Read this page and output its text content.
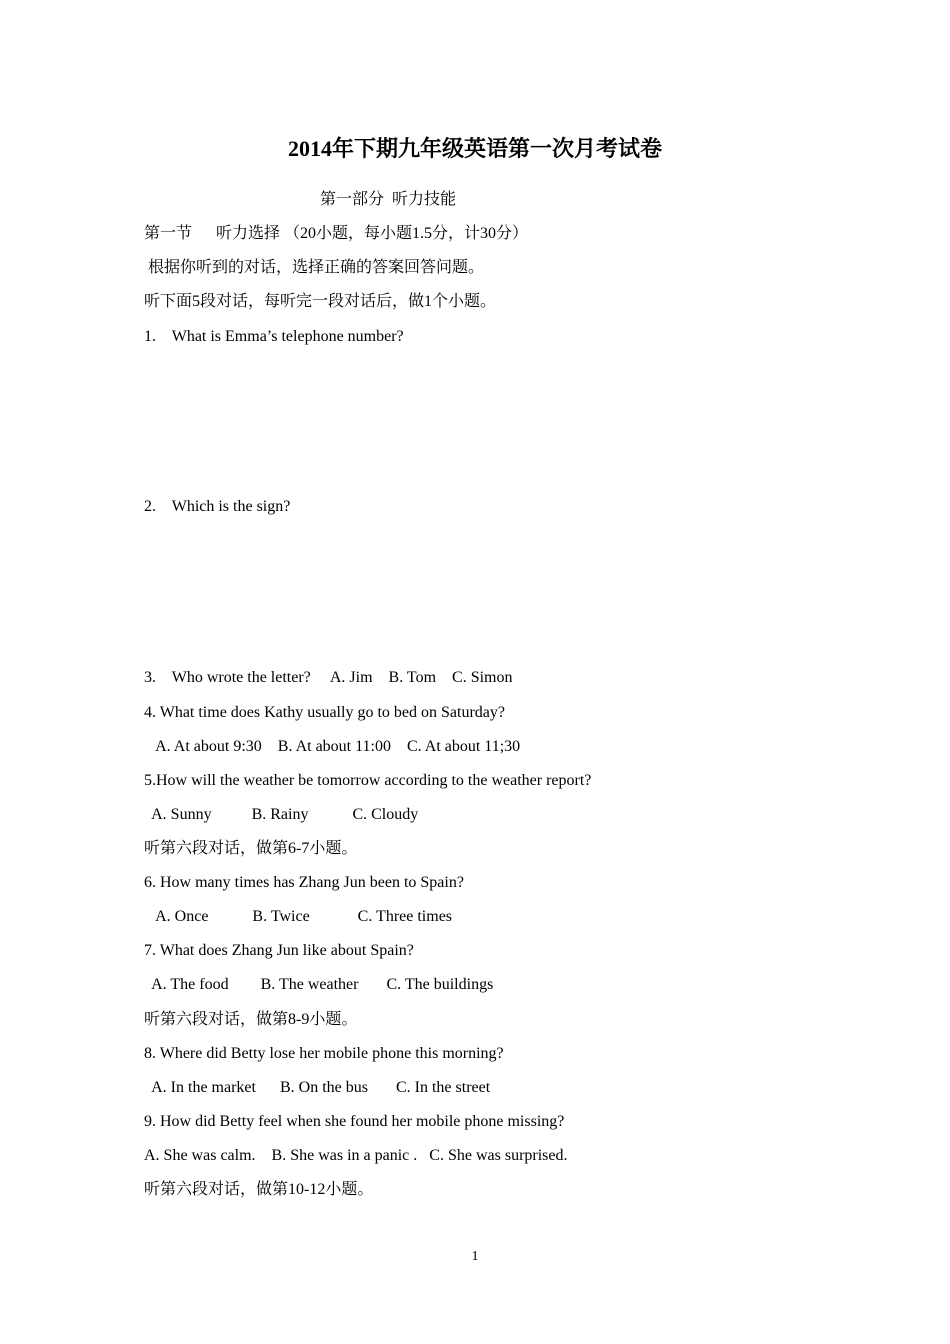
2014年下期九年级英语第一次月考试卷
第一部分  听力技能
第一节      听力选择 （20小题，每小题1.5分，计30分）
根据你听到的对话，选择正确的答案回答问题。
听下面5段对话，每听完一段对话后，做1个小题。
1.    What is Emma’s telephone number?
2.    Which is the sign?
3.    Who wrote the letter?     A. Jim    B. Tom    C. Simon
4. What time does Kathy usually go to bed on Saturday?
A. At about 9:30    B. At about 11:00    C. At about 11;30
5.How will the weather be tomorrow according to the weather report?
A. Sunny          B. Rainy           C. Cloudy
听第六段对话，做第6-7小题。
6. How many times has Zhang Jun been to Spain?
A. Once           B. Twice            C. Three times
7. What does Zhang Jun like about Spain?
A. The food        B. The weather       C. The buildings
听第六段对话，做第8-9小题。
8. Where did Betty lose her mobile phone this morning?
A. In the market      B. On the bus       C. In the street
9. How did Betty feel when she found her mobile phone missing?
A. She was calm.    B. She was in a panic .   C. She was surprised.
听第六段对话，做第10-12小题。
1
